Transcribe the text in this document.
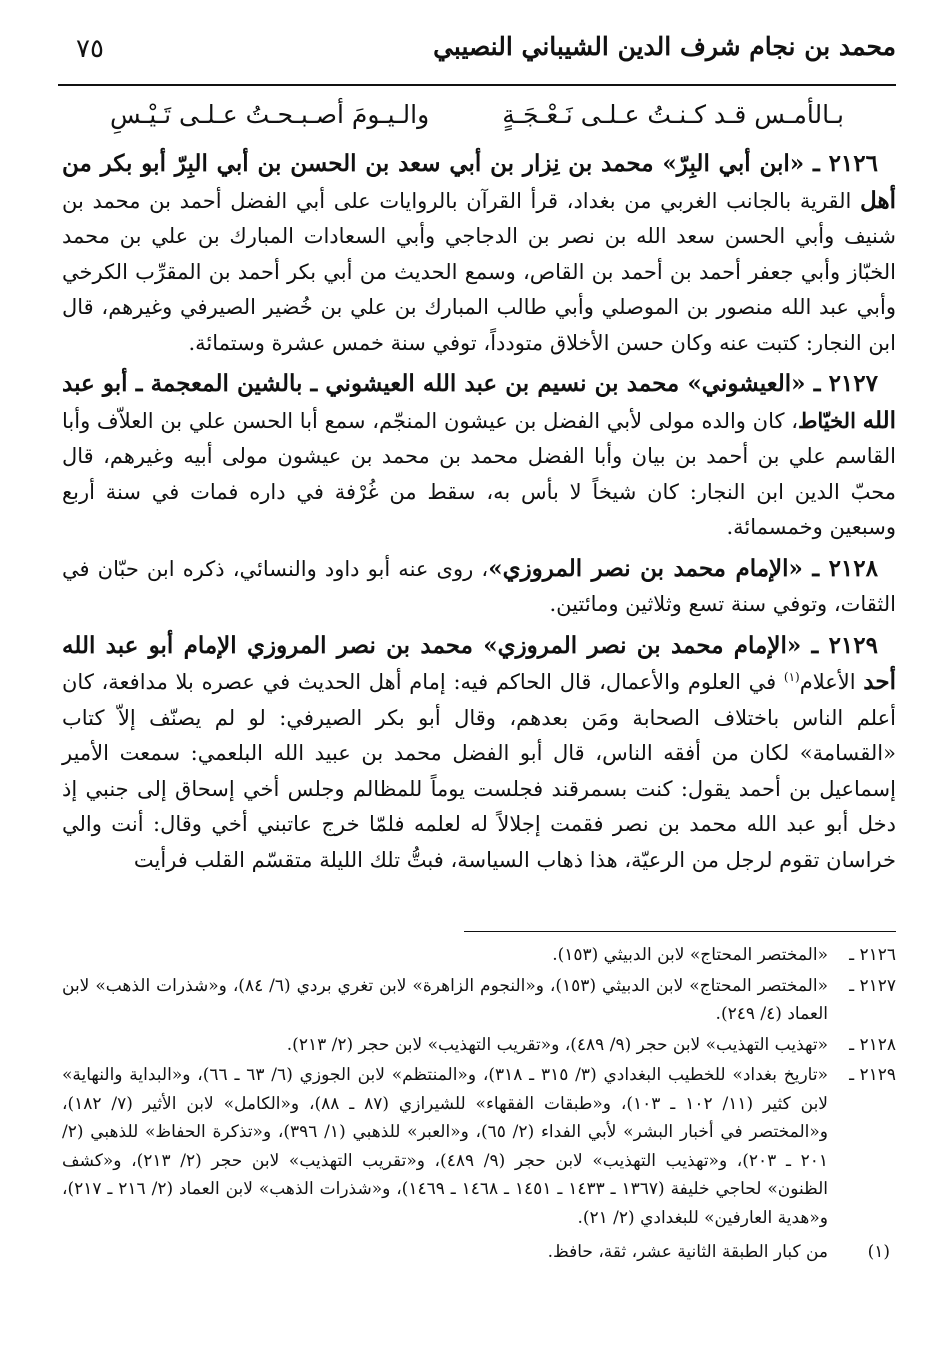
محمد بن نجام شرف الدين الشيباني النصيبي
٧٥
بـالأمـس قـد كـنـتُ عـلـى نَـعْـجَـةٍ
والـيـومَ أصـبـحـتُ عـلـى تَـيْـسِ

٢١٢٦ ـ «ابن أبي البِرّ» محمد بن نِزار بن أبي سعد بن الحسن بن أبي البِرّ أبو بكر من أهل القرية بالجانب الغربي من بغداد، قرأ القرآن بالروايات على أبي الفضل أحمد بن محمد بن شنيف وأبي الحسن سعد الله بن نصر بن الدجاجي وأبي السعادات المبارك بن علي بن محمد الخبّاز وأبي جعفر أحمد بن أحمد بن القاص، وسمع الحديث من أبي بكر أحمد بن المقرِّب الكرخي وأبي عبد الله منصور بن الموصلي وأبي طالب المبارك بن علي بن خُضير الصيرفي وغيرهم، قال ابن النجار: كتبت عنه وكان حسن الأخلاق متودداً، توفي سنة خمس عشرة وستمائة.

٢١٢٧ ـ «العيشوني» محمد بن نسيم بن عبد الله العيشوني ـ بالشين المعجمة ـ أبو عبد الله الخيّاط، كان والده مولى لأبي الفضل بن عيشون المنجّم، سمع أبا الحسن علي بن العلاّف وأبا القاسم علي بن أحمد بن بيان وأبا الفضل محمد بن محمد بن عيشون مولى أبيه وغيرهم، قال محبّ الدين ابن النجار: كان شيخاً لا بأس به، سقط من غُرْفة في داره فمات في سنة أربع وسبعين وخمسمائة.

٢١٢٨ ـ «الإمام محمد بن نصر المروزي»، روى عنه أبو داود والنسائي، ذكره ابن حبّان في الثقات، وتوفي سنة تسع وثلاثين ومائتين.

٢١٢٩ ـ «الإمام محمد بن نصر المروزي» محمد بن نصر المروزي الإمام أبو عبد الله أحد الأعلام$^{(١)}$ في العلوم والأعمال، قال الحاكم فيه: إمام أهل الحديث في عصره بلا مدافعة، كان أعلم الناس باختلاف الصحابة ومَن بعدهم، وقال أبو بكر الصيرفي: لو لم يصنّف إلاّ كتاب «القسامة» لكان من أفقه الناس، قال أبو الفضل محمد بن عبيد الله البلعمي: سمعت الأمير إسماعيل بن أحمد يقول: كنت بسمرقند فجلست يوماً للمظالم وجلس أخي إسحاق إلى جنبي إذ دخل أبو عبد الله محمد بن نصر فقمت إجلالاً له لعلمه فلمّا خرج عاتبني أخي وقال: أنت والي خراسان تقوم لرجل من الرعيّة، هذا ذهاب السياسة، فبتُّ تلك الليلة متقسّم القلب فرأيت

٢١٢٦ ـ
«المختصر المحتاج» لابن الدبيثي (١٥٣).
٢١٢٧ ـ
«المختصر المحتاج» لابن الدبيثي (١٥٣)، و«النجوم الزاهرة» لابن تغري بردي (٦/ ٨٤)، و«شذرات الذهب» لابن العماد (٤/ ٢٤٩).
٢١٢٨ ـ
«تهذيب التهذيب» لابن حجر (٩/ ٤٨٩)، و«تقريب التهذيب» لابن حجر (٢/ ٢١٣).
٢١٢٩ ـ
«تاريخ بغداد» للخطيب البغدادي (٣/ ٣١٥ ـ ٣١٨)، و«المنتظم» لابن الجوزي (٦/ ٦٣ ـ ٦٦)، و«البداية والنهاية» لابن كثير (١١/ ١٠٢ ـ ١٠٣)، و«طبقات الفقهاء» للشيرازي (٨٧ ـ ٨٨)، و«الكامل» لابن الأثير (٧/ ١٨٢)، و«المختصر في أخبار البشر» لأبي الفداء (٢/ ٦٥)، و«العبر» للذهبي (١/ ٣٩٦)، و«تذكرة الحفاظ» للذهبي (٢/ ٢٠١ ـ ٢٠٣)، و«تهذيب التهذيب» لابن حجر (٩/ ٤٨٩)، و«تقريب التهذيب» لابن حجر (٢/ ٢١٣)، و«كشف الظنون» لحاجي خليفة (١٣٦٧ ـ ١٤٣٣ ـ ١٤٥١ ـ ١٤٦٨ ـ ١٤٦٩)، و«شذرات الذهب» لابن العماد (٢/ ٢١٦ ـ ٢١٧)، و«هدية العارفين» للبغدادي (٢/ ٢١).
(١)
من كبار الطبقة الثانية عشر، ثقة، حافظ.
